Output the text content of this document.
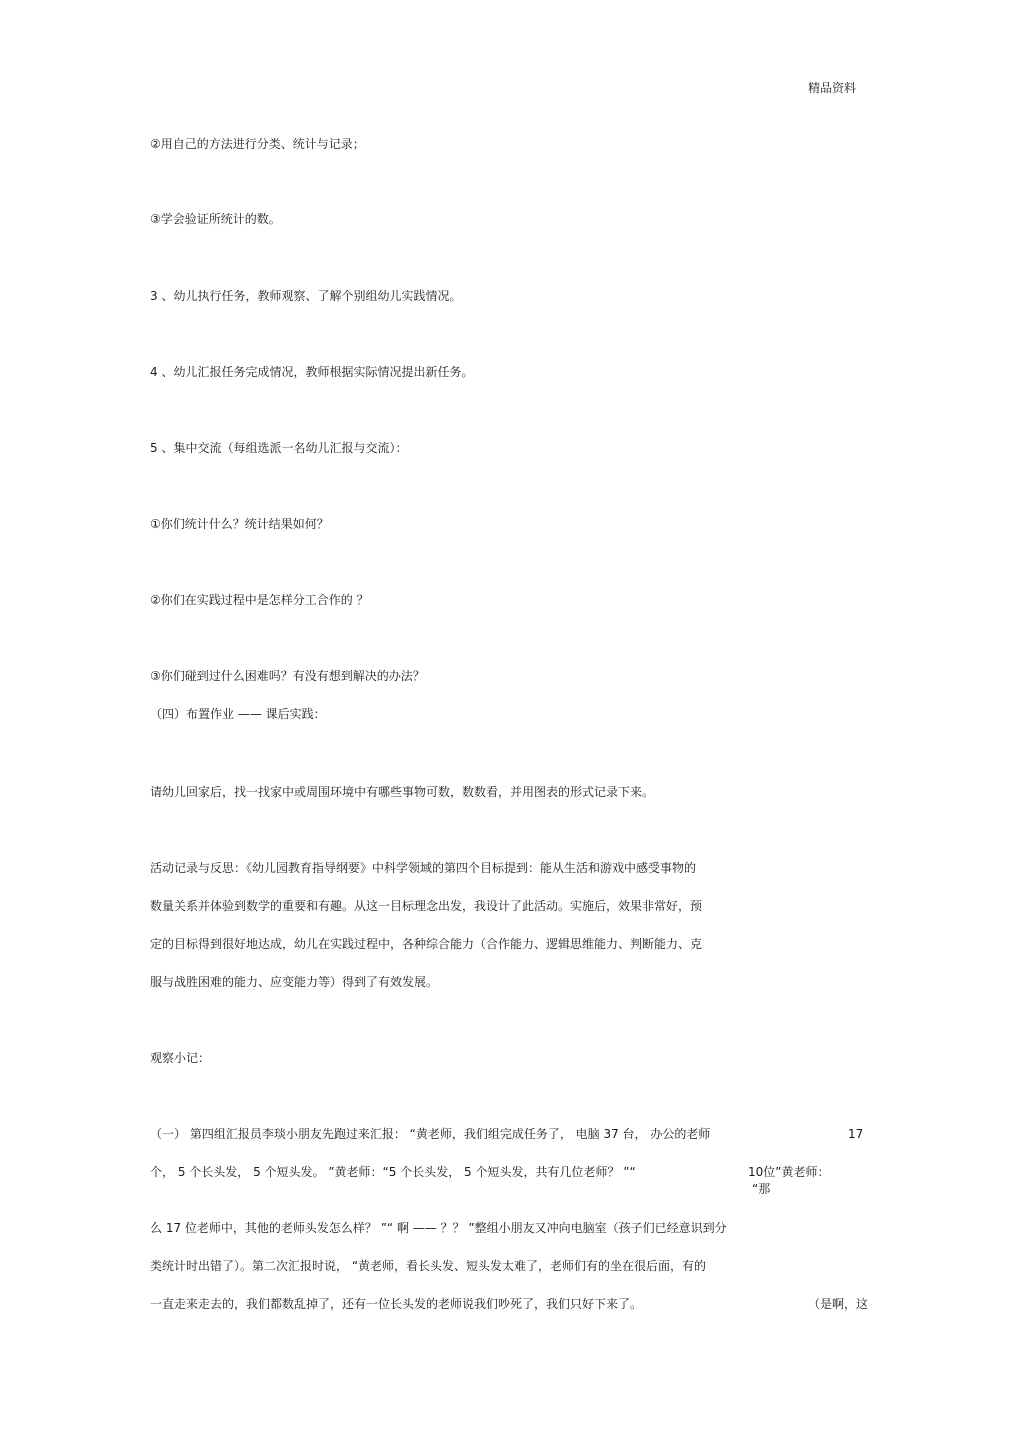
精品资料
②用自己的方法进行分类、统计与记录；
③学会验证所统计的数。
3 、幼儿执行任务，教师观察、了解个别组幼儿实践情况。
4 、幼儿汇报任务完成情况，教师根据实际情况提出新任务。
5 、集中交流（每组选派一名幼儿汇报与交流）：
①你们统计什么？统计结果如何？
②你们在实践过程中是怎样分工合作的 ？
③你们碰到过什么困难吗？有没有想到解决的办法？
（四）布置作业 —— 课后实践：
请幼儿回家后，找一找家中或周围环境中有哪些事物可数，数数看，并用图表的形式记录下来。
活动记录与反思：《幼儿园教育指导纲要》中科学领域的第四个目标提到：能从生活和游戏中感受事物的
数量关系并体验到数学的重要和有趣。从这一目标理念出发，我设计了此活动。实施后，效果非常好，预
定的目标得到很好地达成，幼儿在实践过程中，各种综合能力（合作能力、逻辑思维能力、判断能力、克
服与战胜困难的能力、应变能力等）得到了有效发展。
观察小记：
（一） 第四组汇报员李琰小朋友先跑过来汇报： “黄老师，我们组完成任务了， 电脑 37 台， 办公的老师	17
个， 5 个长头发， 5 个短头发。 ”黄老师：“5 个长头发， 5 个短头发，共有几位老师？ ”“	10位”黄老师：
“那
么 17 位老师中，其他的老师头发怎么样？ ”“ 啊 —— ？？ ”整组小朋友又冲向电脑室（孩子们已经意识到分
类统计时出错了）。第二次汇报时说， “黄老师，看长头发、短头发太难了，老师们有的坐在很后面，有的
一直走来走去的，我们都数乱掉了，还有一位长头发的老师说我们吵死了，我们只好下来了。	（是啊，这
